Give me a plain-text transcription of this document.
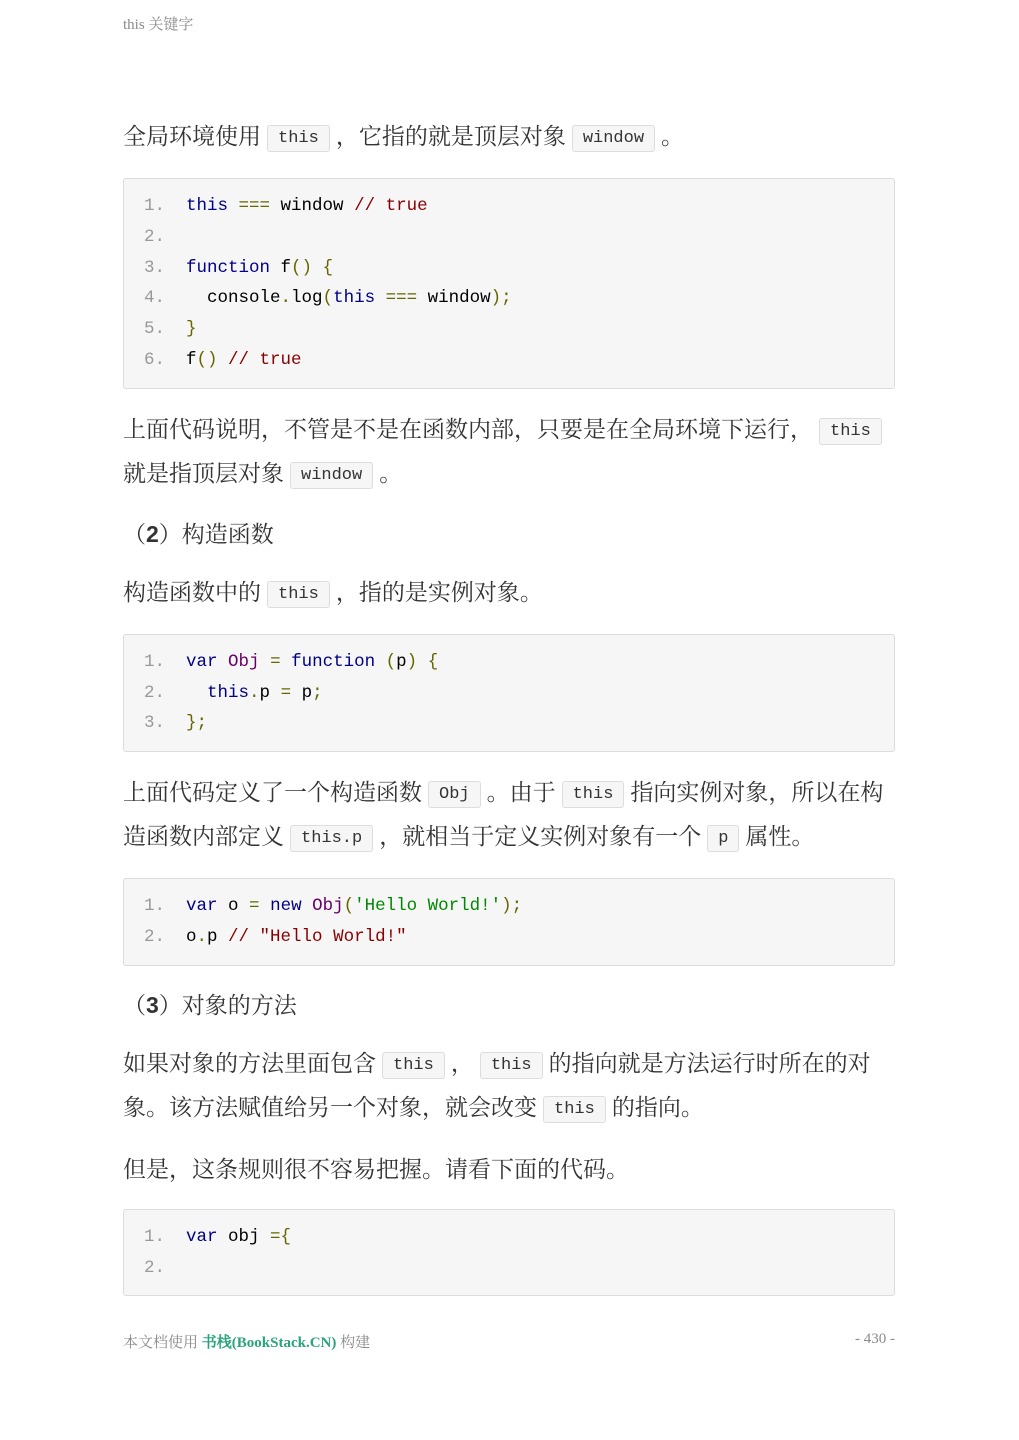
this 关键字

全局环境使用 this ，它指的就是顶层对象 window 。

1.	this === window // true
2.
3.	function f() {
4.	console.log(this === window);
5.	}
6.	f() // true

上面代码说明，不管是不是在函数内部，只要是在全局环境下运行， this就是指顶层对象 window 。

（2）构造函数

构造函数中的 this ，指的是实例对象。

1.	var Obj = function (p) {
2.	this.p = p;
3.	};

上面代码定义了一个构造函数 Obj 。由于 this 指向实例对象，所以在构造函数内部定义 this.p ，就相当于定义实例对象有一个 p 属性。

1.	var o = new Obj('Hello World!');
2.	o.p // "Hello World!"
（3）对象的方法

如果对象的方法里面包含 this ， this 的指向就是方法运行时所在的对象。该方法赋值给另一个对象，就会改变 this 的指向。

但是，这条规则很不容易把握。请看下面的代码。

1.	var obj ={
2.

本文档使用 书栈(BookStack.CN) 构建	- 430 -
